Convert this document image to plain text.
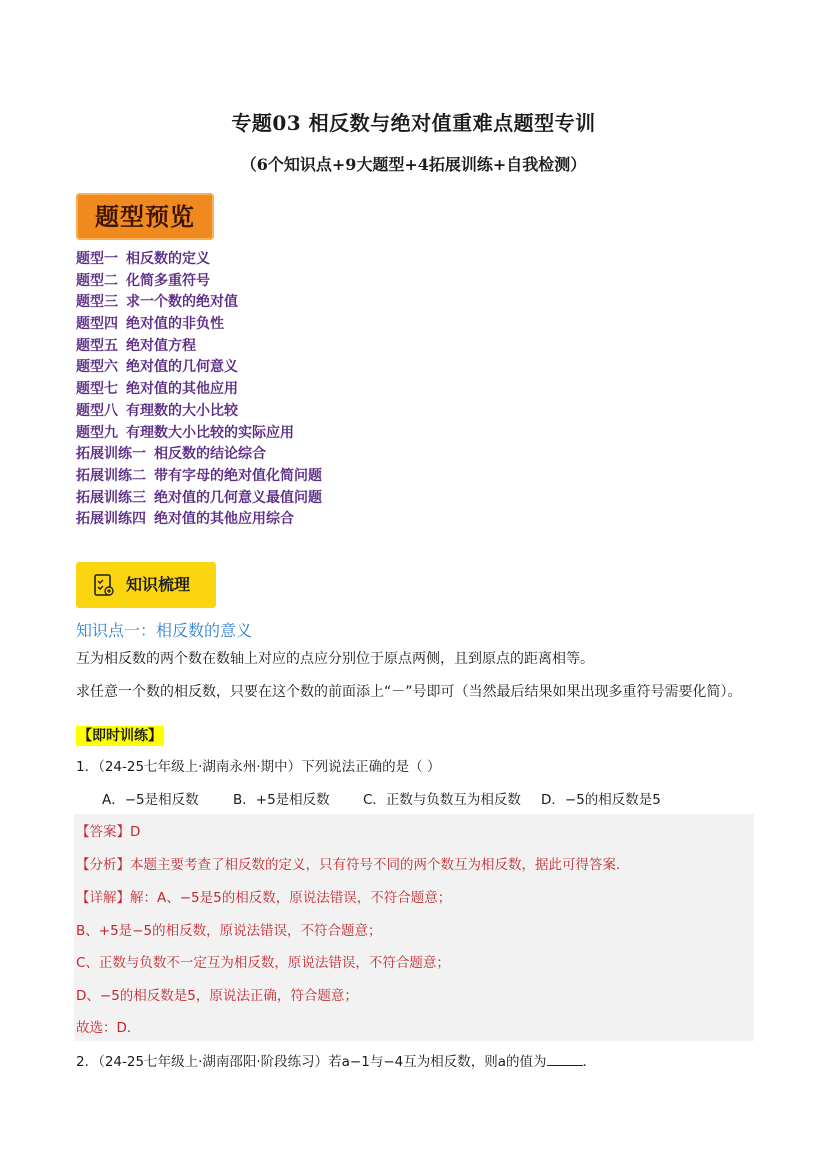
专题03 相反数与绝对值重难点题型专训
（6个知识点+9大题型+4拓展训练+自我检测）
题型预览
题型一 相反数的定义
题型二 化简多重符号
题型三 求一个数的绝对值
题型四 绝对值的非负性
题型五 绝对值方程
题型六 绝对值的几何意义
题型七 绝对值的其他应用
题型八 有理数的大小比较
题型九 有理数大小比较的实际应用
拓展训练一 相反数的结论综合
拓展训练二 带有字母的绝对值化简问题
拓展训练三 绝对值的几何意义最值问题
拓展训练四 绝对值的其他应用综合
知识梳理
知识点一：相反数的意义
互为相反数的两个数在数轴上对应的点应分别位于原点两侧，且到原点的距离相等。
求任意一个数的相反数，只要在这个数的前面添上“－”号即可（当然最后结果如果出现多重符号需要化简）。
【即时训练】
1．（24-25七年级上·湖南永州·期中）下列说法正确的是（ ）
A．−5是相反数	B．+5是相反数 C．正数与负数互为相反数 D．−5的相反数是5
【答案】D
【分析】本题主要考查了相反数的定义，只有符号不同的两个数互为相反数，据此可得答案．
【详解】解：A、−5是5的相反数，原说法错误，不符合题意；
B、+5是−5的相反数，原说法错误，不符合题意；
C、正数与负数不一定互为相反数，原说法错误，不符合题意；
D、−5的相反数是5，原说法正确，符合题意；
故选：D．
2．（24-25七年级上·湖南邵阳·阶段练习）若a−1与−4互为相反数，则a的值为	．
